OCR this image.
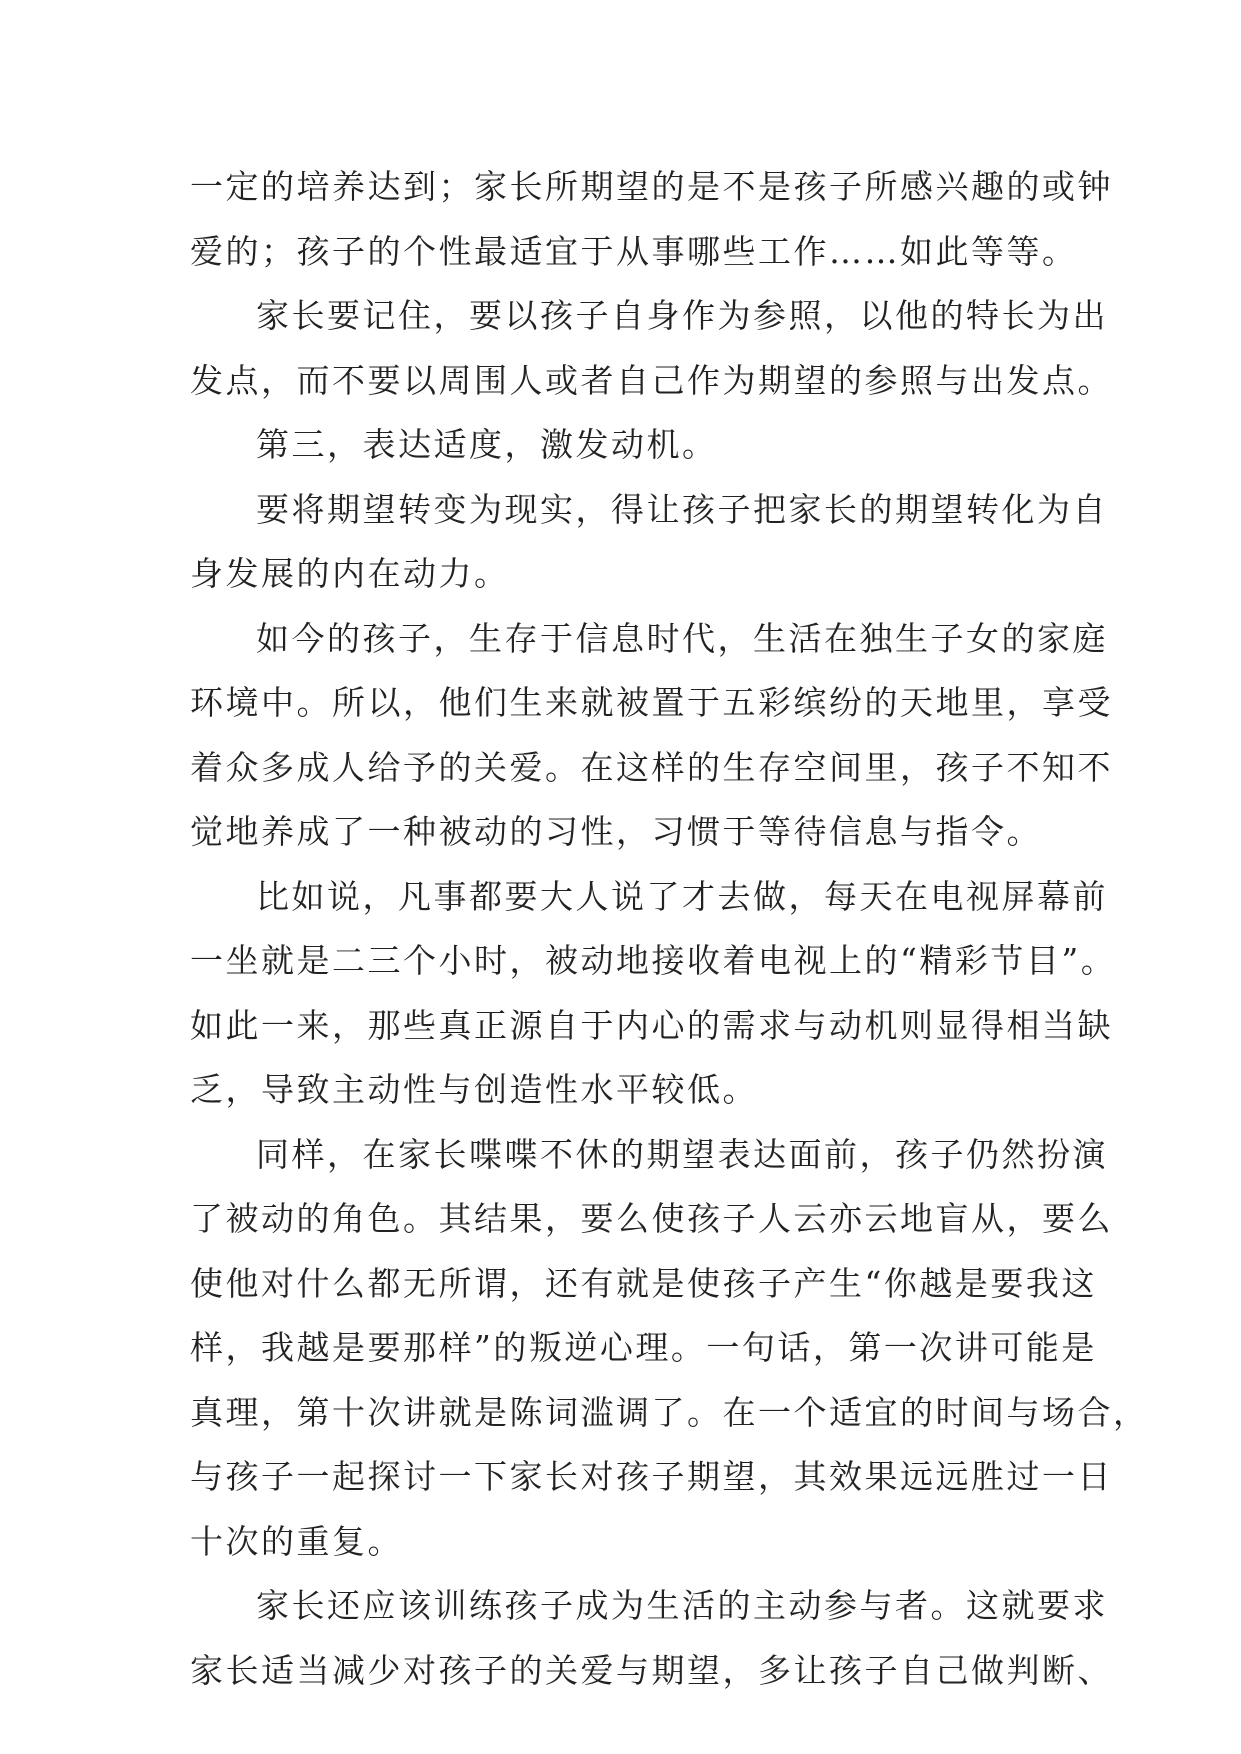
一定的培养达到；家长所期望的是不是孩子所感兴趣的或钟
爱的；孩子的个性最适宜于从事哪些工作……如此等等。
家长要记住，要以孩子自身作为参照，以他的特长为出
发点，而不要以周围人或者自己作为期望的参照与出发点。
第三，表达适度，激发动机。
要将期望转变为现实，得让孩子把家长的期望转化为自
身发展的内在动力。
如今的孩子，生存于信息时代，生活在独生子女的家庭
环境中。所以，他们生来就被置于五彩缤纷的天地里，享受
着众多成人给予的关爱。在这样的生存空间里，孩子不知不
觉地养成了一种被动的习性，习惯于等待信息与指令。
比如说，凡事都要大人说了才去做，每天在电视屏幕前
一坐就是二三个小时，被动地接收着电视上的“精彩节目”。
如此一来，那些真正源自于内心的需求与动机则显得相当缺
乏，导致主动性与创造性水平较低。
同样，在家长喋喋不休的期望表达面前，孩子仍然扮演
了被动的角色。其结果，要么使孩子人云亦云地盲从，要么
使他对什么都无所谓，还有就是使孩子产生“你越是要我这
样，我越是要那样”的叛逆心理。一句话，第一次讲可能是
真理，第十次讲就是陈词滥调了。在一个适宜的时间与场合，
与孩子一起探讨一下家长对孩子期望，其效果远远胜过一日
十次的重复。
家长还应该训练孩子成为生活的主动参与者。这就要求
家长适当减少对孩子的关爱与期望，多让孩子自己做判断、
